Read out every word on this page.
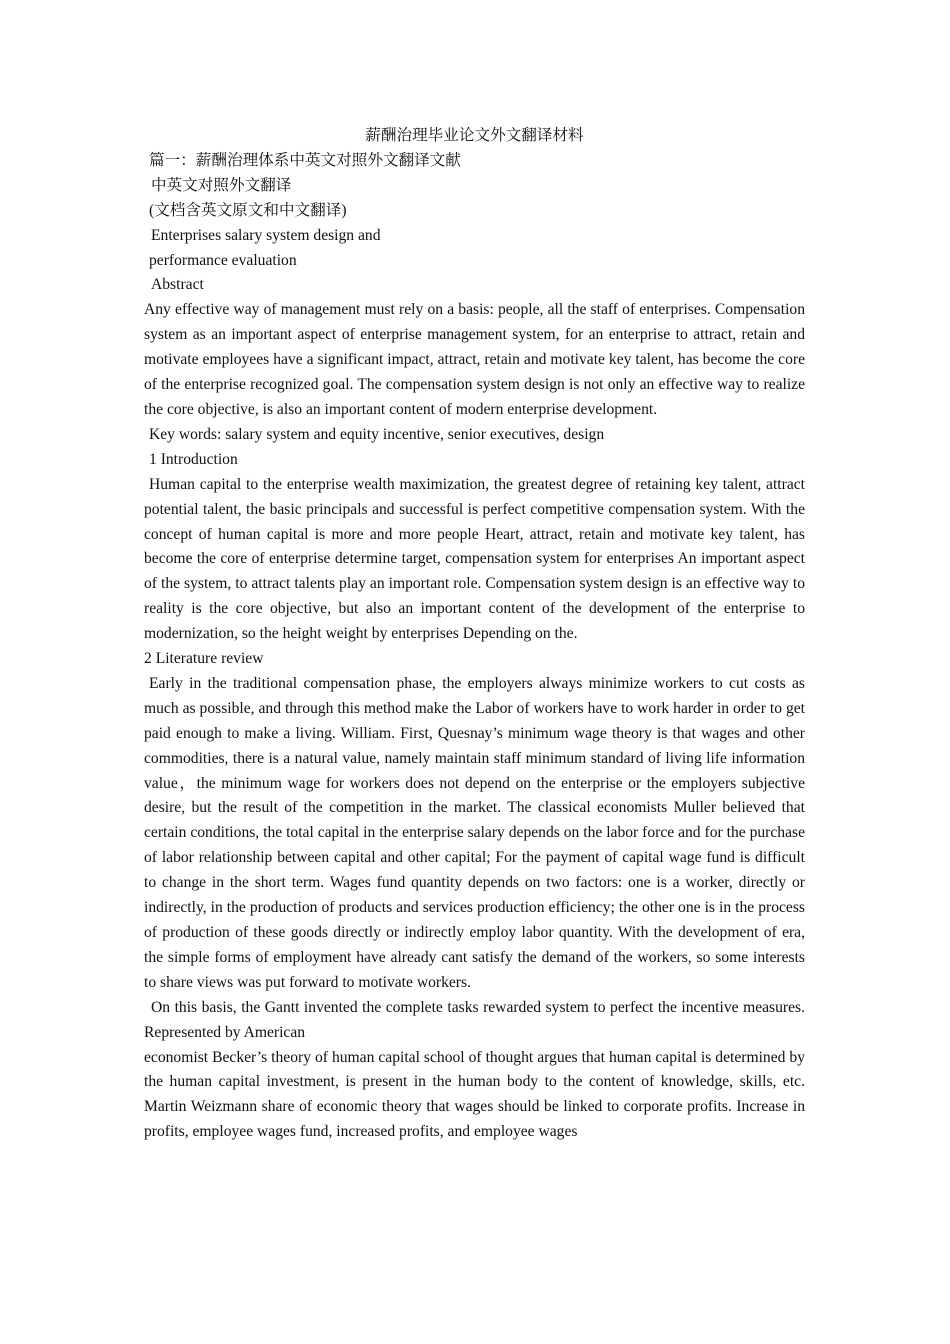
薪酬治理毕业论文外文翻译材料

篇一：薪酬治理体系中英文对照外文翻译文献

中英文对照外文翻译

(文档含英文原文和中文翻译)

Enterprises salary system design and

performance evaluation

Abstract

Any effective way of management must rely on a basis: people, all the staff of enterprises. Compensation system as an important aspect of enterprise management system, for an enterprise to attract, retain and motivate employees have a significant impact, attract, retain and motivate key talent, has become the core of the enterprise recognized goal. The compensation system design is not only an effective way to realize the core objective, is also an important content of modern enterprise development.

Key words: salary system and equity incentive, senior executives, design

1 Introduction

Human capital to the enterprise wealth maximization, the greatest degree of retaining key talent, attract potential talent, the basic principals and successful is perfect competitive compensation system. With the concept of human capital is more and more people Heart, attract, retain and motivate key talent, has become the core of enterprise determine target, compensation system for enterprises An important aspect of the system, to attract talents play an important role. Compensation system design is an effective way to reality is the core objective, but also an important content of the development of the enterprise to modernization, so the height weight by enterprises Depending on the.

2 Literature review

Early in the traditional compensation phase, the employers always minimize workers to cut costs as much as possible, and through this method make the Labor of workers have to work harder in order to get paid enough to make a living. William. First, Quesnay’s minimum wage theory is that wages and other commodities, there is a natural value, namely maintain staff minimum standard of living life information value，the minimum wage for workers does not depend on the enterprise or the employers subjective desire, but the result of the competition in the market. The classical economists Muller believed that certain conditions, the total capital in the enterprise salary depends on the labor force and for the purchase of labor relationship between capital and other capital; For the payment of capital wage fund is difficult to change in the short term. Wages fund quantity depends on two factors: one is a worker, directly or indirectly, in the production of products and services production efficiency; the other one is in the process of production of these goods directly or indirectly employ labor quantity. With the development of era, the simple forms of employment have already cant satisfy the demand of the workers, so some interests to share views was put forward to motivate workers.

On this basis, the Gantt invented the complete tasks rewarded system to perfect the incentive measures. Represented by American

economist Becker’s theory of human capital school of thought argues that human capital is determined by the human capital investment, is present in the human body to the content of knowledge, skills, etc. Martin Weizmann share of economic theory that wages should be linked to corporate profits. Increase in profits, employee wages fund, increased profits, and employee wages
